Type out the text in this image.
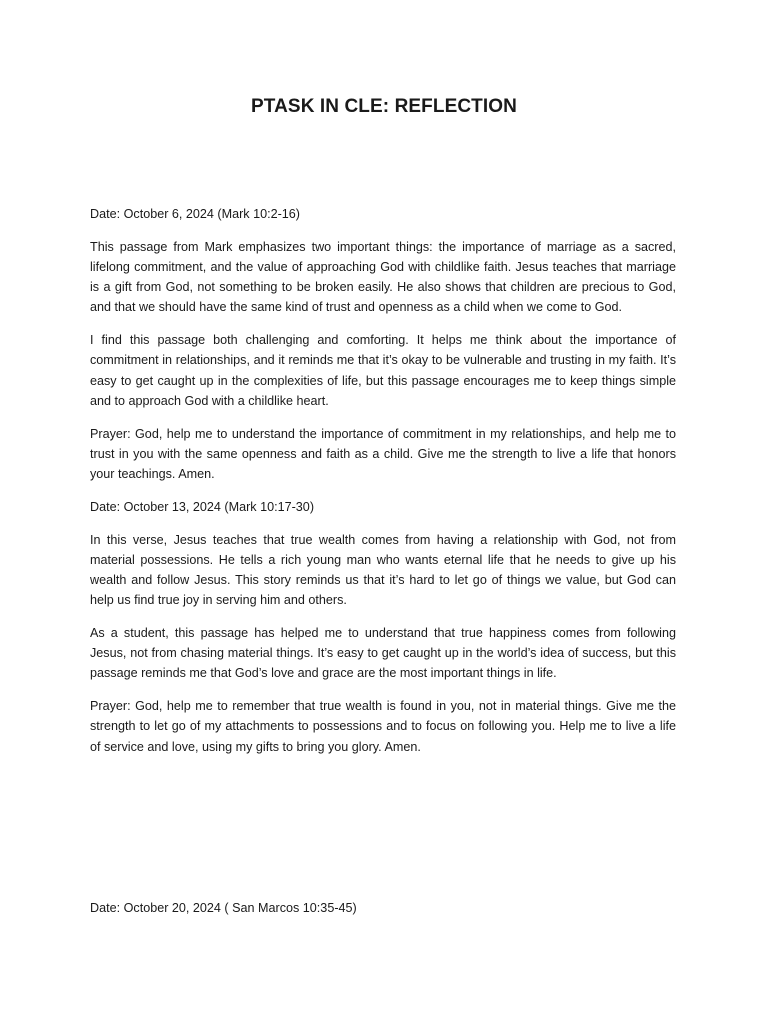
PTASK IN CLE: REFLECTION

Date: October 6, 2024 (Mark 10:2-16)

This passage from Mark emphasizes two important things: the importance of marriage as a sacred, lifelong commitment, and the value of approaching God with childlike faith. Jesus teaches that marriage is a gift from God, not something to be broken easily. He also shows that children are precious to God, and that we should have the same kind of trust and openness as a child when we come to God.

I find this passage both challenging and comforting. It helps me think about the importance of commitment in relationships, and it reminds me that it’s okay to be vulnerable and trusting in my faith. It’s easy to get caught up in the complexities of life, but this passage encourages me to keep things simple and to approach God with a childlike heart.

Prayer: God, help me to understand the importance of commitment in my relationships, and help me to trust in you with the same openness and faith as a child. Give me the strength to live a life that honors your teachings. Amen.

Date: October 13, 2024 (Mark 10:17-30)

In this verse, Jesus teaches that true wealth comes from having a relationship with God, not from material possessions. He tells a rich young man who wants eternal life that he needs to give up his wealth and follow Jesus. This story reminds us that it’s hard to let go of things we value, but God can help us find true joy in serving him and others.

As a student, this passage has helped me to understand that true happiness comes from following Jesus, not from chasing material things. It’s easy to get caught up in the world’s idea of success, but this passage reminds me that God’s love and grace are the most important things in life.

Prayer: God, help me to remember that true wealth is found in you, not in material things. Give me the strength to let go of my attachments to possessions and to focus on following you. Help me to live a life of service and love, using my gifts to bring you glory. Amen.

Date: October 20, 2024 ( San Marcos 10:35-45)
